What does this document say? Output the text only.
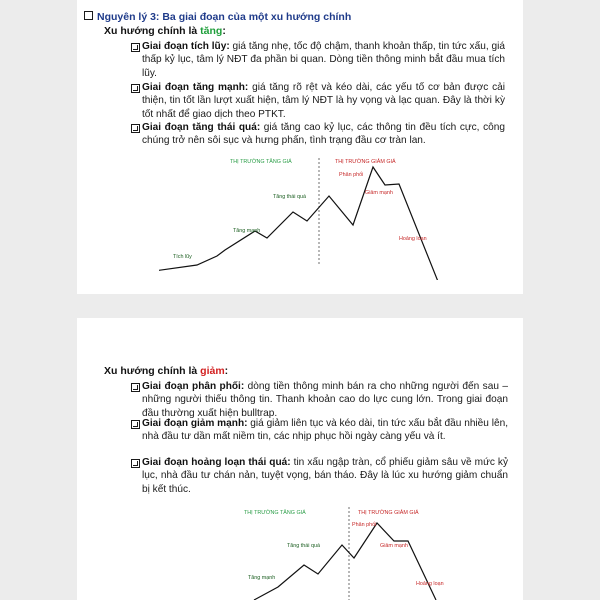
Nguyên lý 3: Ba giai đoạn của một xu hướng chính
Xu hướng chính là tăng:
Giai đoạn tích lũy: giá tăng nhẹ, tốc độ chậm, thanh khoản thấp, tin tức xấu, giá thấp kỷ lục, tâm lý NĐT đa phần bi quan. Dòng tiền thông minh bắt đầu mua tích lũy.
Giai đoạn tăng mạnh: giá tăng rõ rệt và kéo dài, các yếu tố cơ bản được cải thiện, tin tốt lần lượt xuất hiện, tâm lý NĐT là hy vọng và lạc quan. Đây là thời kỳ tốt nhất để giao dịch theo PTKT.
Giai đoạn tăng thái quá: giá tăng cao kỷ lục, các thông tin đều tích cực, công chúng trở nên sôi sục và hưng phấn, tình trạng đầu cơ tràn lan.
THỊ TRƯỜNG TĂNG GIÁ	THỊ TRƯỜNG GIẢM GIÁ
Tích lũy
Tăng mạnh
Tăng thái quá
Phân phối
Giảm mạnh
Hoảng loạn
Xu hướng chính là giảm:
Giai đoạn phân phối: dòng tiền thông minh bán ra cho những người đến sau – những người thiếu thông tin. Thanh khoản cao do lực cung lớn. Trong giai đoạn đầu thường xuất hiện bulltrap.
Giai đoạn giảm mạnh: giá giảm liên tục và kéo dài, tin tức xấu bắt đầu nhiều lên, nhà đầu tư dần mất niềm tin, các nhịp phục hồi ngày càng yếu và ít.
Giai đoạn hoảng loạn thái quá: tin xấu ngập tràn, cổ phiếu giảm sâu về mức kỷ lục, nhà đầu tư chán nản, tuyệt vọng, bán tháo. Đây là lúc xu hướng giảm chuẩn bị kết thúc.
THỊ TRƯỜNG TĂNG GIÁ	THỊ TRƯỜNG GIẢM GIÁ
Tăng mạnh
Tăng thái quá
Phân phối
Giảm mạnh
Hoảng loạn
